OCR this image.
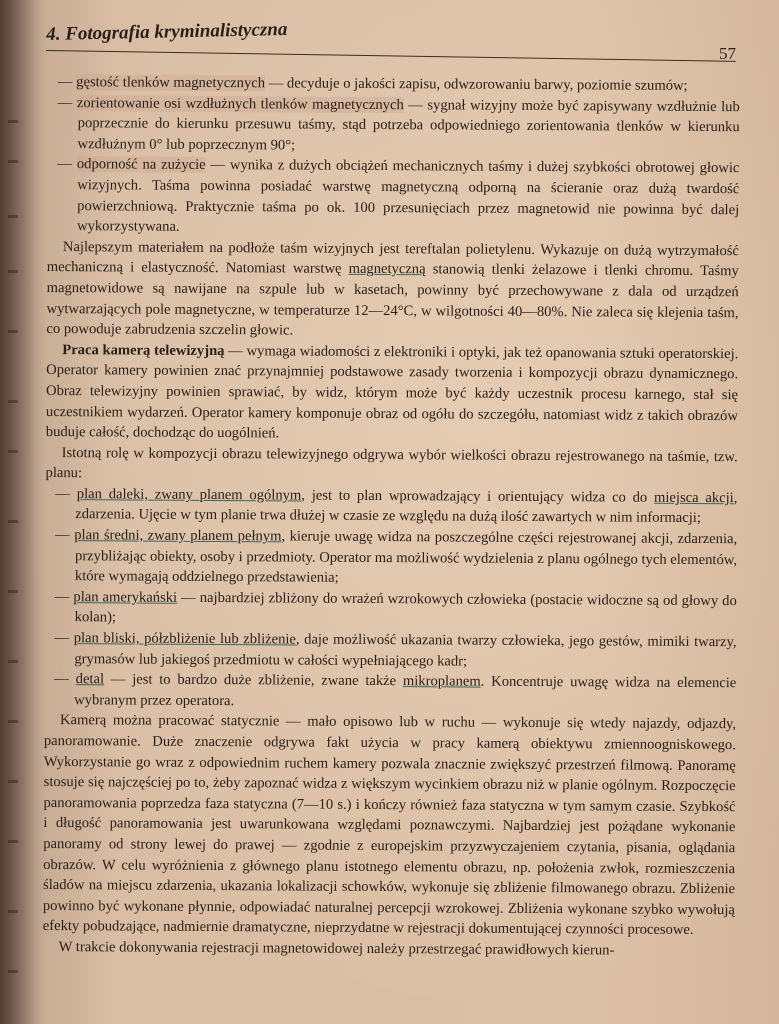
4. Fotografia kryminalistyczna
57

— gęstość tlenków magnetycznych — decyduje o jakości zapisu, odwzorowaniu barwy, poziomie szumów;

— zorientowanie osi wzdłużnych tlenków magnetycznych — sygnał wizyjny może być zapisywany wzdłużnie lub poprzecznie do kierunku przesuwu taśmy, stąd potrzeba odpowiedniego zorientowania tlenków w kierunku wzdłużnym 0° lub poprzecznym 90°;

— odporność na zużycie — wynika z dużych obciążeń mechanicznych taśmy i dużej szybkości obrotowej głowic wizyjnych. Taśma powinna posiadać warstwę magnetyczną odporną na ścieranie oraz dużą twardość powierzchniową. Praktycznie taśma po ok. 100 przesunięciach przez magnetowid nie powinna być dalej wykorzystywana.

Najlepszym materiałem na podłoże taśm wizyjnych jest tereftalan polietylenu. Wykazuje on dużą wytrzymałość mechaniczną i elastyczność. Natomiast warstwę magnetyczną stanowią tlenki żelazowe i tlenki chromu. Taśmy magnetowidowe są nawijane na szpule lub w kasetach, powinny być przechowywane z dala od urządzeń wytwarzających pole magnetyczne, w temperaturze 12—24°C, w wilgotności 40—80%. Nie zaleca się klejenia taśm, co powoduje zabrudzenia szczelin głowic.

Praca kamerą telewizyjną — wymaga wiadomości z elektroniki i optyki, jak też opanowania sztuki operatorskiej. Operator kamery powinien znać przynajmniej podstawowe zasady tworzenia i kompozycji obrazu dynamicznego. Obraz telewizyjny powinien sprawiać, by widz, którym może być każdy uczestnik procesu karnego, stał się uczestnikiem wydarzeń. Operator kamery komponuje obraz od ogółu do szczegółu, natomiast widz z takich obrazów buduje całość, dochodząc do uogólnień.

Istotną rolę w kompozycji obrazu telewizyjnego odgrywa wybór wielkości obrazu rejestrowanego na taśmie, tzw. planu:

— plan daleki, zwany planem ogólnym, jest to plan wprowadzający i orientujący widza co do miejsca akcji, zdarzenia. Ujęcie w tym planie trwa dłużej w czasie ze względu na dużą ilość zawartych w nim informacji;

— plan średni, zwany planem pełnym, kieruje uwagę widza na poszczególne części rejestrowanej akcji, zdarzenia, przybliżając obiekty, osoby i przedmioty. Operator ma możliwość wydzielenia z planu ogólnego tych elementów, które wymagają oddzielnego przedstawienia;

— plan amerykański — najbardziej zbliżony do wrażeń wzrokowych człowieka (postacie widoczne są od głowy do kolan);

— plan bliski, półzbliżenie lub zbliżenie, daje możliwość ukazania twarzy człowieka, jego gestów, mimiki twarzy, grymasów lub jakiegoś przedmiotu w całości wypełniającego kadr;

— detal — jest to bardzo duże zbliżenie, zwane także mikroplanem. Koncentruje uwagę widza na elemencie wybranym przez operatora.

Kamerą można pracować statycznie — mało opisowo lub w ruchu — wykonuje się wtedy najazdy, odjazdy, panoramowanie. Duże znaczenie odgrywa fakt użycia w pracy kamerą obiektywu zmiennoogniskowego. Wykorzystanie go wraz z odpowiednim ruchem kamery pozwala znacznie zwiększyć przestrzeń filmową. Panoramę stosuje się najczęściej po to, żeby zapoznać widza z większym wycinkiem obrazu niż w planie ogólnym. Rozpoczęcie panoramowania poprzedza faza statyczna (7—10 s.) i kończy również faza statyczna w tym samym czasie. Szybkość i długość panoramowania jest uwarunkowana względami poznawczymi. Najbardziej jest pożądane wykonanie panoramy od strony lewej do prawej — zgodnie z europejskim przyzwyczajeniem czytania, pisania, oglądania obrazów. W celu wyróżnienia z głównego planu istotnego elementu obrazu, np. położenia zwłok, rozmieszczenia śladów na miejscu zdarzenia, ukazania lokalizacji schowków, wykonuje się zbliżenie filmowanego obrazu. Zbliżenie powinno być wykonane płynnie, odpowiadać naturalnej percepcji wzrokowej. Zbliżenia wykonane szybko wywołują efekty pobudzające, nadmiernie dramatyczne, nieprzydatne w rejestracji dokumentującej czynności procesowe.

W trakcie dokonywania rejestracji magnetowidowej należy przestrzegać prawidłowych kierun-
